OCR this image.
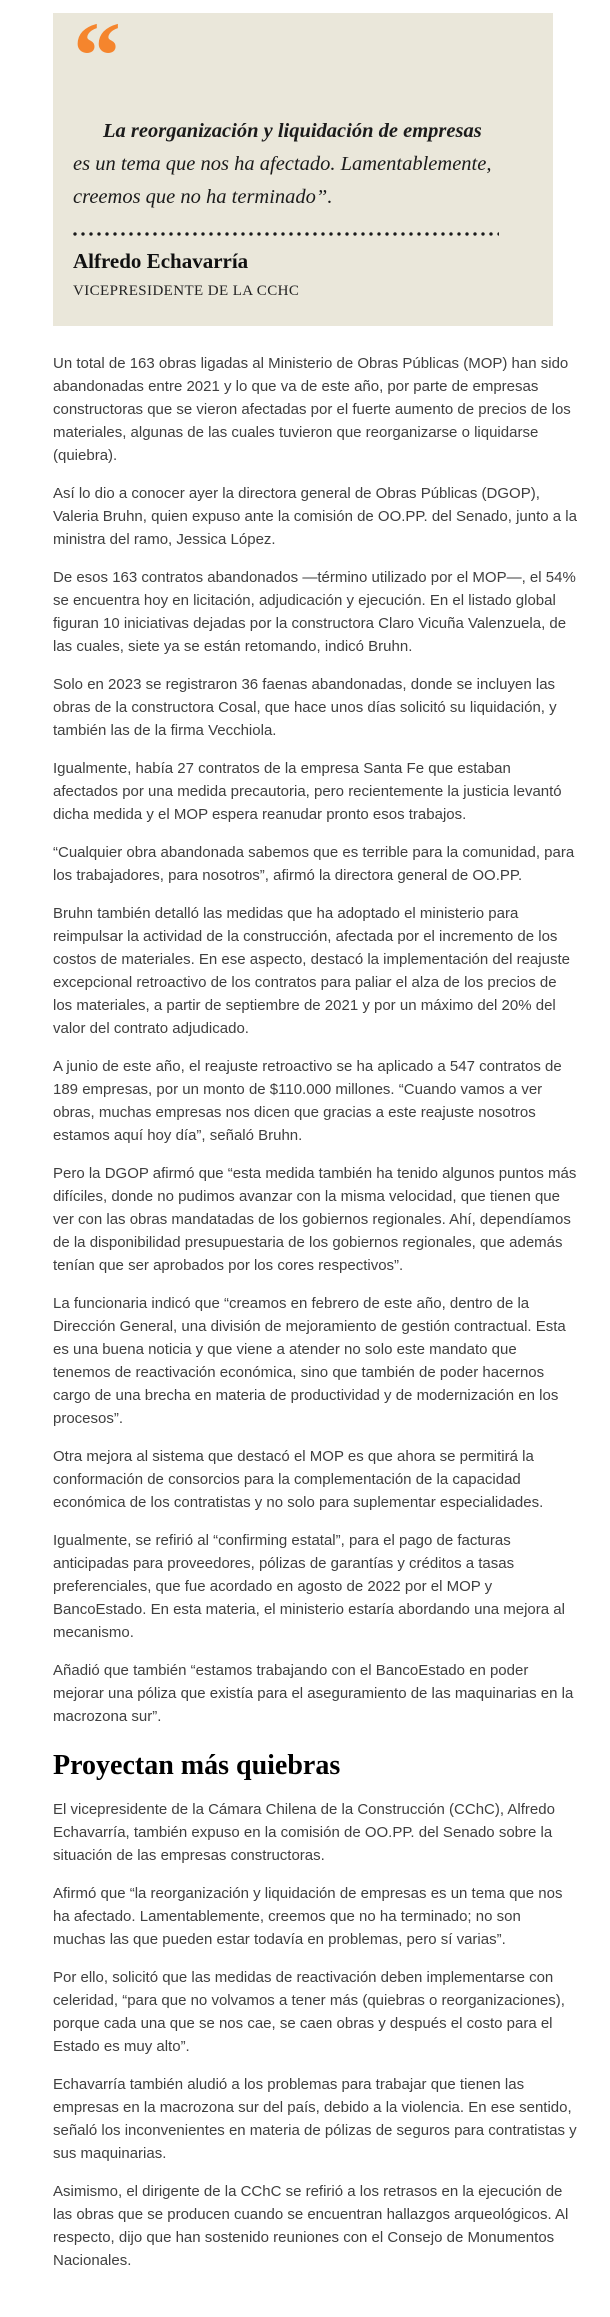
“
La reorganización y liquidación de empresas es un tema que nos ha afectado. Lamentablemente, creemos que no ha terminado”.
Alfredo Echavarría
VICEPRESIDENTE DE LA CCHC

Un total de 163 obras ligadas al Ministerio de Obras Públicas (MOP) han sido abandonadas entre 2021 y lo que va de este año, por parte de empresas constructoras que se vieron afectadas por el fuerte aumento de precios de los materiales, algunas de las cuales tuvieron que reorganizarse o liquidarse (quiebra).

Así lo dio a conocer ayer la directora general de Obras Públicas (DGOP), Valeria Bruhn, quien expuso ante la comisión de OO.PP. del Senado, junto a la ministra del ramo, Jessica López.

De esos 163 contratos abandonados —término utilizado por el MOP—, el 54% se encuentra hoy en licitación, adjudicación y ejecución. En el listado global figuran 10 iniciativas dejadas por la constructora Claro Vicuña Valenzuela, de las cuales, siete ya se están retomando, indicó Bruhn.

Solo en 2023 se registraron 36 faenas abandonadas, donde se incluyen las obras de la constructora Cosal, que hace unos días solicitó su liquidación, y también las de la firma Vecchiola.

Igualmente, había 27 contratos de la empresa Santa Fe que estaban afectados por una medida precautoria, pero recientemente la justicia levantó dicha medida y el MOP espera reanudar pronto esos trabajos.

“Cualquier obra abandonada sabemos que es terrible para la comunidad, para los trabajadores, para nosotros”, afirmó la directora general de OO.PP.

Bruhn también detalló las medidas que ha adoptado el ministerio para reimpulsar la actividad de la construcción, afectada por el incremento de los costos de materiales. En ese aspecto, destacó la implementación del reajuste excepcional retroactivo de los contratos para paliar el alza de los precios de los materiales, a partir de septiembre de 2021 y por un máximo del 20% del valor del contrato adjudicado.

A junio de este año, el reajuste retroactivo se ha aplicado a 547 contratos de 189 empresas, por un monto de $110.000 millones. “Cuando vamos a ver obras, muchas empresas nos dicen que gracias a este reajuste nosotros estamos aquí hoy día”, señaló Bruhn.

Pero la DGOP afirmó que “esta medida también ha tenido algunos puntos más difíciles, donde no pudimos avanzar con la misma velocidad, que tienen que ver con las obras mandatadas de los gobiernos regionales. Ahí, dependíamos de la disponibilidad presupuestaria de los gobiernos regionales, que además tenían que ser aprobados por los cores respectivos”.

La funcionaria indicó que “creamos en febrero de este año, dentro de la Dirección General, una división de mejoramiento de gestión contractual. Esta es una buena noticia y que viene a atender no solo este mandato que tenemos de reactivación económica, sino que también de poder hacernos cargo de una brecha en materia de productividad y de modernización en los procesos”.

Otra mejora al sistema que destacó el MOP es que ahora se permitirá la conformación de consorcios para la complementación de la capacidad económica de los contratistas y no solo para suplementar especialidades.

Igualmente, se refirió al “confirming estatal”, para el pago de facturas anticipadas para proveedores, pólizas de garantías y créditos a tasas preferenciales, que fue acordado en agosto de 2022 por el MOP y BancoEstado. En esta materia, el ministerio estaría abordando una mejora al mecanismo.

Añadió que también “estamos trabajando con el BancoEstado en poder mejorar una póliza que existía para el aseguramiento de las maquinarias en la macrozona sur”.

Proyectan más quiebras

El vicepresidente de la Cámara Chilena de la Construcción (CChC), Alfredo Echavarría, también expuso en la comisión de OO.PP. del Senado sobre la situación de las empresas constructoras.

Afirmó que “la reorganización y liquidación de empresas es un tema que nos ha afectado. Lamentablemente, creemos que no ha terminado; no son muchas las que pueden estar todavía en problemas, pero sí varias”.

Por ello, solicitó que las medidas de reactivación deben implementarse con celeridad, “para que no volvamos a tener más (quiebras o reorganizaciones), porque cada una que se nos cae, se caen obras y después el costo para el Estado es muy alto”.

Echavarría también aludió a los problemas para trabajar que tienen las empresas en la macrozona sur del país, debido a la violencia. En ese sentido, señaló los inconvenientes en materia de pólizas de seguros para contratistas y sus maquinarias.

Asimismo, el dirigente de la CChC se refirió a los retrasos en la ejecución de las obras que se producen cuando se encuentran hallazgos arqueológicos. Al respecto, dijo que han sostenido reuniones con el Consejo de Monumentos Nacionales.
